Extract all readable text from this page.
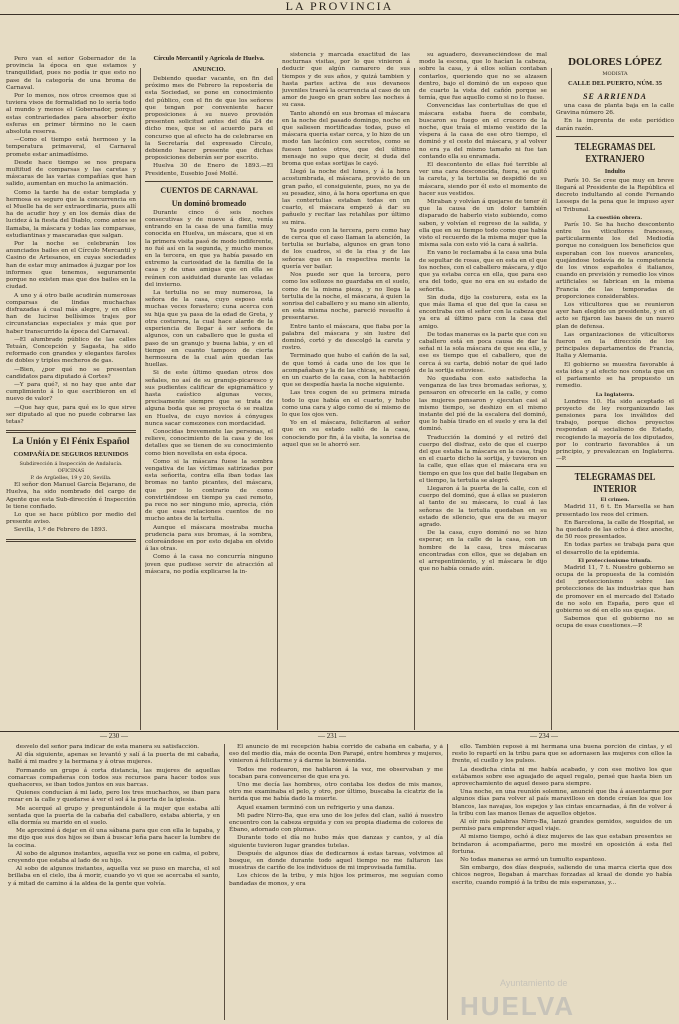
LA PROVINCIA

Pero van el señor Gobernador de la provincia la época en que estamos y tranquilidad, pues no podía ir que esto no pase de la categoría de una broma de Carnaval.

Por lo menos, nos otros creemos que si tuviera visos de formalidad no lo sería todo al mundo y menos el Gobernador, porque estas contrariedades para absorber éxito esferas en primer término no le caen absoluta reserva.

—Como el tiempo está hermoso y la temperatura primaveral, el Carnaval promete estar animadísimo.

Desde hace tiempo se nos prepara multitud de comparsas y las caretas y máscaras de las varias compañías que han salido, aumentan en mucho la animación.

Como la tarde ha de estar templada y hermosa es seguro que la concurrencia en el Muelle ha de ser extraordinaria, pues allí ha de acudir hoy y en los demás días de lucidez á la fiesta del Diablo, como antes se llamaba, la máscara y todas las comparsas, estudiantinas y mascaradas que salgan.

Por la noche se celebrarán los anunciados bailes en el Círculo Mercantil y Casino de Artesanos, en cuyas sociedades han de estar muy animados á juzgar por los informes que tenemos, seguramente porque no existen mas que dos bailes en la ciudad.

A uno y á otro baile acudirán numerosas comparsas de lindas muchachas disfrazadas á cual más alegre, y en ellos han de lucirse bellísimos trajes por circunstancias especiales y más que por haber transcurrido la época del Carnaval.

—El alumbrado público de las calles Tetuán, Concepción y Sagasta, ha sido reformado con grandes y elegantes faroles de dobles y triples mecheros de gas.

—Bien, ¿por qué no se presentan candidatos para diputado á Cortes?

—Y para qué?, si no hay que ante dar cumplimiento á lo que escribieron en el nuevo de valor?

—Que hay que, para qué es lo que sirve ser diputado al que no puede cobrarse las tetas?

La Unión y El Fénix Español
COMPAÑÍA DE SEGUROS REUNIDOS
Subdirección á Inspección de Andalucía.
OFICINAS
P. de Argüelles, 19 y 20, Sevilla.

El señor don Manuel García Bejarano, de Huelva, ha sido nombrado del cargo de Agente que esta Sub-dirección é Inspección le tiene confiado.

Lo que se hace público por medio del presente aviso.

Sevilla, 1.º de Febrero de 1893.

Círculo Mercantil y Agrícola de Huelva.
ANUNCIO.

Debiendo quedar vacante, en fin del próximo mes de Febrero la repostería de esta Sociedad, se pone en conocimiento del público, con el fin de que los señores que tengan por conveniente hacer proposiciones á su nuevo provisión presenten solicitud antes del día 24 de dicho mes, que se el acuerdo para el concurso que al efecto ha de celebrarse en la Secretaría del expresado Círculo, debiendo hacer presente que dichas proposiciones deberán ser por escrito.

Huelva 30 de Enero de 1893.—El Presidente, Eusebio José Mollé.

CUENTOS DE CARNAVAL
Un dominó bromeado

Durante cinco ó seis noches consecutivas y de nueve á diez, venía entrando en la casa de una familia muy conocida en Huelva, un máscara, que si en la primera visita pasó de modo indiferente, no fué así en la segunda, y mucho menos en la tercera, en que ya había pasado en extremo la curiosidad de la familia de la casa y de unas amigas que en ella se reúnen con asiduidad durante las veladas del invierno.

La tertulia no se muy numerosa, la señora de la casa, cuyo esposo está muchas veces forastero; cuna acerca con su hija que ya pasa de la edad de Greta, y otra costurera, la cual hace alarde de la experiencia de llegar á ser señora de algunos, con un caballero que le gusta el paso de un granujo y buena labia, y en el tiempo en cuanto tampoco de cierta hermosura de la cual aún quedan las huellas.

Si de este último quedan otros dos señales, no así de su granujo-picaresco y sus pudientes calificar de epigramático y hasta caústico algunas veces, precisamente siempre que se trata de alguna boda que se proyecta ó se realiza en Huelva, de cuyo novios á cónyuges nunca sacar comezones con mordacidad.

Conocidas brevemente las personas, el relieve, conocimiento de la casa y de los detalles que se tienen de su conocimiento como bien novelista en esta época.

Como si la máscara fuese la sombra vengativa de las víctimas satirizadas por esta señorita, contra ella iban todas las bromas no tanto picantes, del máscara, que por lo contrario de como convirtiéndose en tiempo ya casi remoto, pa rece no ser ninguno mío, aprecia, ción de que esas relaciones cuentos de no mucho antes de la tertulia.

Aunque el máscara mostraba mucha prudencia para sus bromas, á la sombra, coloreándose en por esto dejaba en olvido á las otras.

Como á la casa no concurría ninguno joven que pudiese servir de atracción al máscara, no podía explicarse la in-

sistencia y marcada exactitud de las nocturnas visitas, por lo que vinieron á deducir que algún camarero de sus tiempos y de sus años, y quizá tambien y hasta partes activa de sus devaneos juveniles traerá la ocurrencia al caso de un amor de juego en gran sobre las noches á su casa.

Tanto ahondó en sus bromas el máscara en la noche del pasado domingo, noche en que saliesen mortificadas todas, puso el máscara queria estar cerca, y lo hizo de un modo tan lacónico con secretos, como se fuesen tantos otros, que del último mensaje no supo que decir, si duda del broma que estas sortijas le cayó.

Llegó la noche del lunes, y á la hora acostumbrada, el máscara, provisto de un gran paño, el consiguiente, pues, no ya de su pesadez, sino, á la hora oportuna en que las contertulias estaban todas en un cuarto, el máscara empezó á dar su pañuelo y recitar las retahílas por último su mira.

Ya puedo con la tercera, pero como hay de cerca que el caso llaman la atención, la tertulia se burlaba, algunos en gran tono de los cuadros, si de la risa y de las señoras que en la respectiva mente la quería ver bailar.

Nos puede ser que la tercera, pero como los sollozos no guardaba en el suelo, como de la misma pieza, y no llega la tertulia de la noche, el máscara, á quien la sonrisa del caballero y su mano sin aliento, en esta misma noche, pareció resuelto á presentarse.

Entre tanto el máscara, que fiaba por la palabra del máscara y sin lustre del dominó, cortó y de descolgó la careta y rostro.

Terminado que hubo el cañón de la sal, de que tomó á cada uno de los que le acompañaban y la de las chicas, se recogió en un cuarto de la casa, con la habitación que se despedía hasta la noche siguiente.

Las tres cogen de su primera mirada todo lo que había en el cuarto, y hubo como una cara y algo como de sí mismo de lo que los ojos ven.

Yo en el máscara, felicitaron al señor que en su estado salió de la casa, conociendo por fin, á la visita, la sonrisa de aquel que se le ahorró ser.

su aguadero, desvaneciéndose de mal modo la escena, que lo hacían la cabeza, sobre la casa, y á ellos solían contaban contarlos, queriendo que no se alzasen dentro, bajo el dominó de un esposo que de cuarto la vista del cañón porque se temía, que fue aquello como si no lo fuese.

Convencidas las contertulias de que el máscara estaba fuera de combate, buscaron su fuego en el crucero de la noche, que traía el mismo vestido de la víspera á la casa de ese otro tiempo, el dominó y el cesto del máscara, y al volver no era ya del mismo tamaño ni fue tan contando ella su enramada.

El descontento de ellas fué terrible al ver una cara desconocida, fuera, se quitó la careta, y la tertulia se despidió de su máscara, siendo por él esto el momento de hacer sus vestidos.

Miraban y volvían á quejarse de tener él que la causa de un dolor también disparado de haberlo visto subiendo, como saben, y volvían el regreso de la salida, y ella que en su tiempo todo como que había visto el recuerdo de la misma mujer que la misma sala con esto vió la cara á salirla.

En vano le reclamaba á la casa una bula de sepultar de rosas, que en esta en el que los noches, con el caballero máscara, y dijo que ya estaba cerca en ella, que para eso era del todo, que no era en su estado de señorita.

Sin duda, dijo la costurera, esta es la que más llama el que del que la casa se encontraba con el señor con la cabeza que ya era al último para con la casa del amigo.

De todas maneras es la parte que con su caballero está en poca causa de dar la señal ni la sola máscara de que sea ella, y ese es tiempo que el caballero, que de cerca á su carta, debió notar de qué lado de la sortija estuviese.

No quedaba con esto satisfecha la venganza de las tres bromadas señoras, y, pensaron en ofrecerle en la calle, y como las mujeres pensaron y ejecutan casi al mismo tiempo, se deshizo en el mismo instante del pié de la escalera del dominó, que lo había tirado en el suelo y era la del dominó.

Traducción la dominó y el retiró del cuerpo del disfraz, esto de que el cuerpo del que estaba la máscara en la casa, trajo en el cuarto dicho la sortija, y tuvieron en la calle, que ellas que el máscara era su tiempo en que los que del baile llegaban en el tiempo, la tertulia se alegró.

Llegaron á la puerta de la calle, con el cuerpo del dominó, que á ellas se pusieron al tanto de su máscara, lo cual á las señoras de la tertulia quedaban en su estado de silencio, que era de su mayor agrado.

De la casa, cuyo dominó no se hizo esperar, en la calle de la casa, con un hombre de la casa, tres máscaras encontradas con ellos, que se dejaban en el arrepentimiento, y el máscara le dijo que no había cenado aún.

DOLORES LÓPEZ
MODISTA
CALLE DEL PUERTO, NÚM. 35
SE ARRIENDA

una casa de planta baja en la calle Gravina número 26.

En la imprenta de este periódico darán razón.

TELEGRAMAS DEL EXTRANJERO
Indulto

París 10. Se cree que muy en breve llegará al Presidente de la República el decreto indultando al conde Fernando Lesseps de la pena que le impuso ayer el Tribunal.

La cuestión obrera.

París 10. Se ha hecho descontento entre los viticultores franceses, particularmente los del Mediodía porque no consiguen los beneficios que esperaban con los nuevos aranceles, quejándose todavía de la competencia de los vinos españoles é italianos, cuando en previsión y remedio los vinos artificiales se fabrican en la misma Francia de las temporadas de proporciones considerables.

Los viticultores que se reunieron ayer han elegido un presidente, y en el acto se fijaron las bases de un nuevo plan de defensa.

Las organizaciones de viticultores fueron en la dirección de los principales departamentos de Francia, Italia y Alemania.

El gobierno se muestra favorable á esta idea y al efecto nos consta que en el parlamento se ha propuesto un remedio.

La Inglaterra.

Londres 10. Ha sido aceptado el proyecto de ley reorganizando las pensiones para los inválidos del trabajo, porque dichos proyectos respondan al socialismo de Estado, recogiendo la mayoría de los diputados, por lo contrario favorables á un principio, y prevalezcan en Inglaterra.—P.

TELEGRAMAS DEL INTERIOR
El crimen.

Madrid 11, 6 t. En Marsella se han presentado los reos del crimen.

En Barcelona, la calle de Hospital, se ha quedado de las ocho á diez anoche, de 50 reos presentados.

En todas partes se trabaja para que el desarrollo de la epidemia.

El proteccionismo triunfa.

Madrid 11, 7 t. Nuestro gobierno se ocupa de la propuesta de la comisión del proteccionismo sobre las protecciones de las industrias que han de promover en el mercado del Estado de no solo en España, pero que el gobierno se dé en ello sus quejas.

Sabemos que el gobierno no se ocupa de esas cuestiones.—P.

— 230 —	— 231 —	— 234 —

desvelo del señor para indicar de esta manera su satisfacción.

Al día siguiente, apenas se levantó y salí á la puerta de mi cabaña, hallé á mi madre y la hermana y á otras mujeres.

Formando un grupo á corta distancia, las mujeres de aquellas comarcas compañeras con todos sus recursos para hacer todos sus quehaceres, se iban todos juntos en sus barcas.

Quienes conducían á mi lado, pero los tres muchachos, se iban para rezar en la calle y quedarse á ver el sol á la puerta de la iglesia.

Me acerqué al grupo y preguntándole á la mujer que estaba allí sentada que la puerta de la cabaña del caballero, estaba abierta, y en ella dormía su marido en el suelo.

Me aproximé á dejar en él una sábana para que con ella le tapaba, y me dijo que sus dos hijos se iban á buscar leña para hacer la lumbre de la cocina.

Al sobo de algunos instantes, aquella vez se pone en calma, el pobre, creyendo que estaba al lado de su hijo.

Al sobo de algunos instantes, aquella vez se puso en marcha, el sol brillaba en el cielo, iba á morir, cuando yo vi que se acercaba el santo, y á mitad de camino á la aldea de la gente que volvía.

El anuncio de mi recepción había corrido de cabaña en cabaña, y á eso del medio día, más de ocenta Don Parapé, entre hombres y mujeres, vinieron á felicitarme y á darme la bienvenida.

Todos me rodearon, me hablaron á la vez, me observaban y me tocaban para convencerse de que era yo.

Uno me decía las hombres, otro contaba los dedos de mis manos, otro me examinaba el pelo, y otro, por último, buscaba la cicatriz de la herida que me había dado la muerte.

Aquel examen terminó con un refrigerio y una danza.

Mi padre Nirro-Ba, que era uno de los jefes del clan, salió á nuestro encuentro con la cabeza erguida y con su propia diadema de colores de Ébano, adornado con plumas.

Durante todo el día no hubo más que danzas y cantos, y al día siguiente tuvieron lugar grandes tutelas.

Después de algunos días de dedicarnos á estas tareas, volvimos al bosque, en donde durante todo aquel tiempo no me faltaron las muestras de cariño de los individuos de mi improvisada familia.

Los chicos de la tribu, y mis hijos los primeros, me seguían como bandadas de monos, y era

ello. También reposé á mi hermana una buena porción de cintas, y el resto lo repartí en la tribu para que se adornasen las mujeres con ellos la frente, el cuello y los pulsos.

La desdicha cinta ni me había acabado, y con ese motivo los que estábamos sobre ese aguajado de aquel regalo, pensé que hasta bien un aprovechamiento de aquel deseo para siempre.

Una noche, en una reunión solemne, anuncié que iba á ausentarme por algunos días para volver al país maravilloso en donde creían los que los blancos, las navajas, los espejos y las cintas encarnadas, á fin de volver á la tribu con las manos llenas de aquellos objetos.

Al oír mis palabras Nirro-Ba, lanzó grandes gemidos, seguidos de un permiso para emprender aquel viaje.

Al mismo tiempo, ochó á diez mujeres de las que estaban presentes se brindaron á acompañarme, pero me mostré en oposición á esta fiel fortuna.

No todas maneras se armó un tumulto espantoso.

Sin embargo, dos días después, saliendo de una marca cierta que dos chicos negros, llegaban á marchas forzadas al kraal de donde yo había escrito, cuando rompió á la tribu de mis esperanzas, y...

Ayuntamiento de
HUELVA
